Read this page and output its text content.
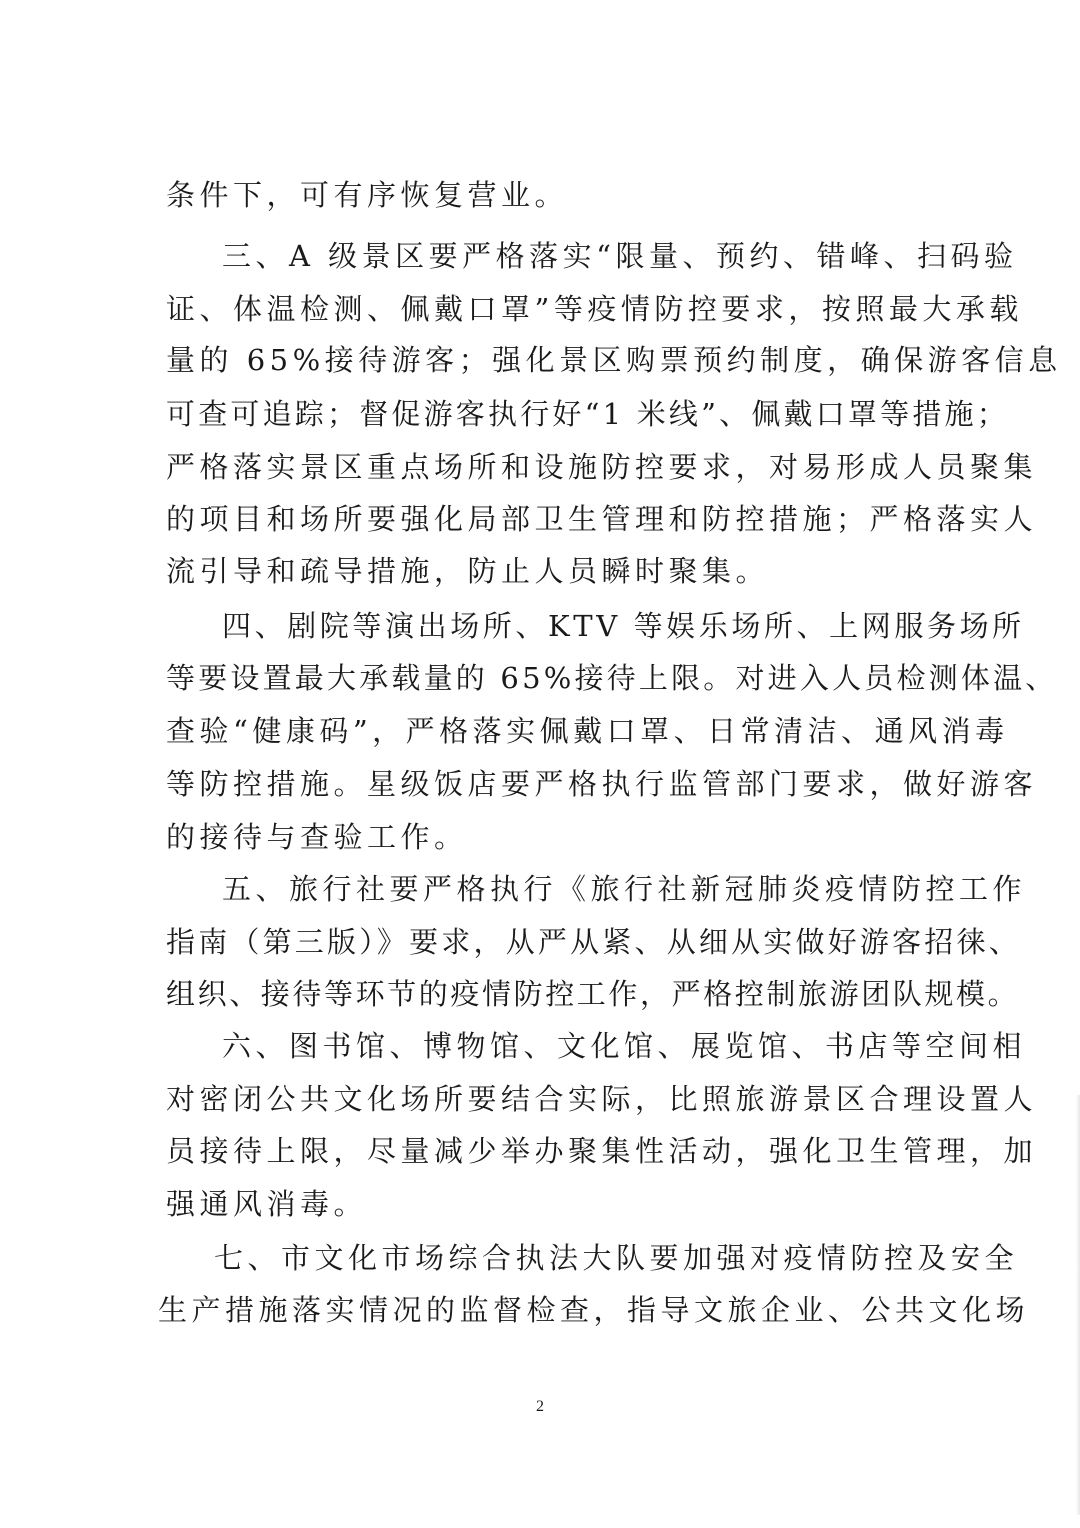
条件下，可有序恢复营业。
三、A 级景区要严格落实“限量、预约、错峰、扫码验
证、体温检测、佩戴口罩”等疫情防控要求，按照最大承载
量的 65%接待游客；强化景区购票预约制度，确保游客信息
可查可追踪；督促游客执行好“1 米线”、佩戴口罩等措施；
严格落实景区重点场所和设施防控要求，对易形成人员聚集
的项目和场所要强化局部卫生管理和防控措施；严格落实人
流引导和疏导措施，防止人员瞬时聚集。
四、剧院等演出场所、KTV 等娱乐场所、上网服务场所
等要设置最大承载量的 65%接待上限。对进入人员检测体温、
查验“健康码”，严格落实佩戴口罩、日常清洁、通风消毒
等防控措施。星级饭店要严格执行监管部门要求，做好游客
的接待与查验工作。
五、旅行社要严格执行《旅行社新冠肺炎疫情防控工作
指南（第三版）》要求，从严从紧、从细从实做好游客招徕、
组织、接待等环节的疫情防控工作，严格控制旅游团队规模。
六、图书馆、博物馆、文化馆、展览馆、书店等空间相
对密闭公共文化场所要结合实际，比照旅游景区合理设置人
员接待上限，尽量减少举办聚集性活动，强化卫生管理，加
强通风消毒。
七、市文化市场综合执法大队要加强对疫情防控及安全
生产措施落实情况的监督检查，指导文旅企业、公共文化场
2
